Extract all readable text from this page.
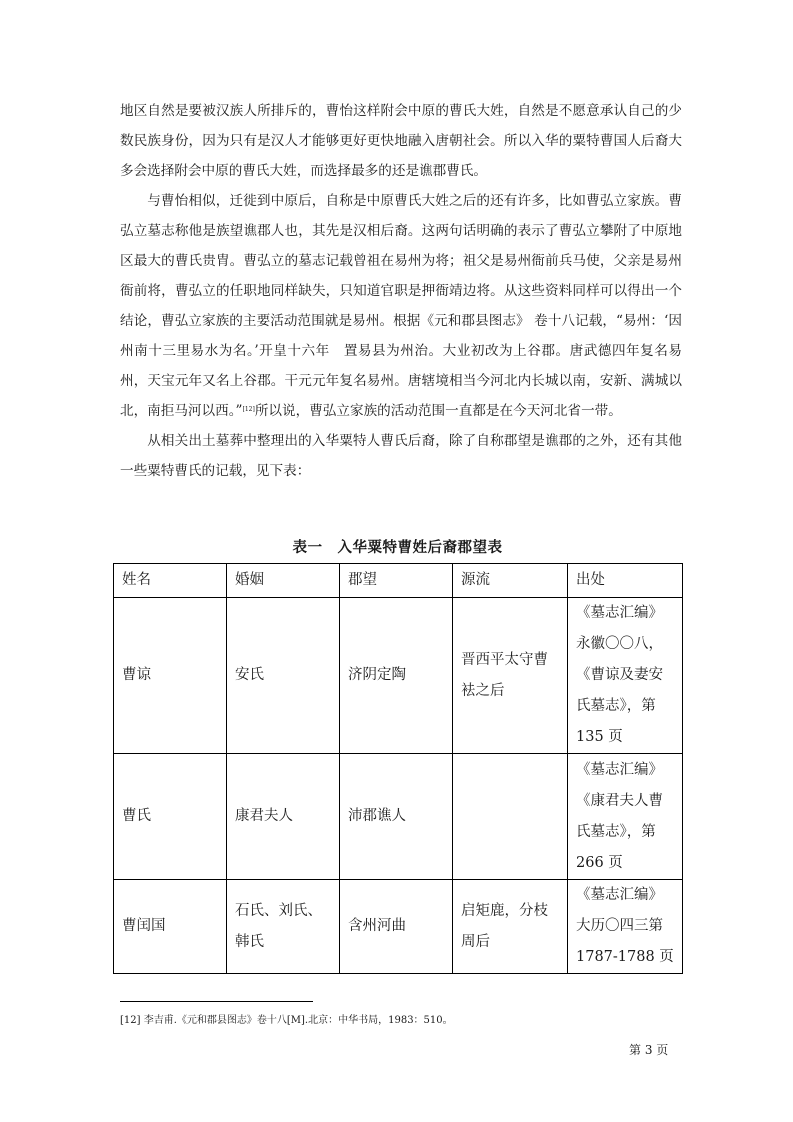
地区自然是要被汉族人所排斥的，曹怡这样附会中原的曹氏大姓，自然是不愿意承认自己的少数民族身份，因为只有是汉人才能够更好更快地融入唐朝社会。所以入华的粟特曹国人后裔大多会选择附会中原的曹氏大姓，而选择最多的还是谯郡曹氏。

与曹怡相似，迁徙到中原后，自称是中原曹氏大姓之后的还有许多，比如曹弘立家族。曹弘立墓志称他是族望谯郡人也，其先是汉相后裔。这两句话明确的表示了曹弘立攀附了中原地区最大的曹氏贵胄。曹弘立的墓志记载曾祖在易州为将；祖父是易州衙前兵马使，父亲是易州衙前将，曹弘立的任职地同样缺失，只知道官职是押衙靖边将。从这些资料同样可以得出一个结论，曹弘立家族的主要活动范围就是易州。根据《元和郡县图志》 卷十八记载，“易州：‘因州南十三里易水为名。’开皇十六年　置易县为州治。大业初改为上谷郡。唐武德四年复名易州，天宝元年又名上谷郡。干元元年复名易州。唐辖境相当今河北内长城以南，安新、满城以北，南拒马河以西。”[12]所以说，曹弘立家族的活动范围一直都是在今天河北省一带。

从相关出土墓葬中整理出的入华粟特人曹氏后裔，除了自称郡望是谯郡的之外，还有其他一些粟特曹氏的记载，见下表：

表一　入华粟特曹姓后裔郡望表
姓名	婚姻	郡望	源流	出处
曹谅	安氏	济阴定陶	晋西平太守曹
袪之后	《墓志汇编》
永徽〇〇八，
《曹谅及妻安
氏墓志》，第
135 页

曹氏	康君夫人	沛郡谯人		《墓志汇编》
《康君夫人曹
氏墓志》，第
266 页

曹闰国	石氏、刘氏、
韩氏	含州河曲	启矩鹿，分枝
周后	《墓志汇编》
大历〇四三第
1787-1788 页
[12] 李吉甫.《元和郡县图志》卷十八[M].北京：中华书局，1983：510。
第 3 页
